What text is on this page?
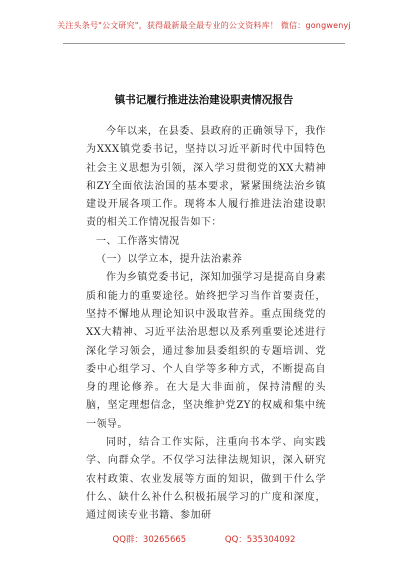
关注头条号"公文研究"，获得最新最全最专业的公文资料库！ 微信：gongwenyj
镇书记履行推进法治建设职责情况报告

今年以来，在县委、县政府的正确领导下，我作为XXX镇党委书记，坚持以习近平新时代中国特色社会主义思想为引领，深入学习贯彻党的XX大精神和ZY全面依法治国的基本要求，紧紧围绕法治乡镇建设开展各项工作。现将本人履行推进法治建设职责的相关工作情况报告如下：

一、工作落实情况

（一）以学立本，提升法治素养

作为乡镇党委书记，深知加强学习是提高自身素质和能力的重要途径。始终把学习当作首要责任，坚持不懈地从理论知识中汲取营养。重点围绕党的XX大精神、习近平法治思想以及系列重要论述进行深化学习领会，通过参加县委组织的专题培训、党委中心组学习、个人自学等多种方式，不断提高自身的理论修养。在大是大非面前，保持清醒的头脑，坚定理想信念，坚决维护党ZY的权威和集中统一领导。

同时，结合工作实际，注重向书本学、向实践学、向群众学。不仅学习法律法规知识，深入研究农村政策、农业发展等方面的知识，做到干什么学什么、缺什么补什么积极拓展学习的广度和深度，通过阅读专业书籍、参加研

QQ群：30265665	QQ：535304092
